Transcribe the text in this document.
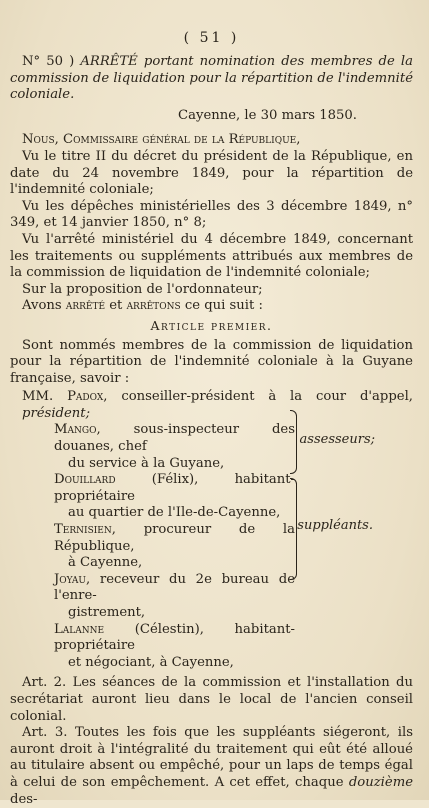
( 51 )

N° 50 ) ARRÊTÉ portant nomination des membres de la commission de liquidation pour la répartition de l'indemnité coloniale.

Cayenne, le 30 mars 1850.

Nous, Commissaire général de la République,

Vu le titre II du décret du président de la République, en date du 24 novembre 1849, pour la répartition de l'indemnité coloniale;

Vu les dépêches ministérielles des 3 décembre 1849, n° 349, et 14 janvier 1850, n° 8;

Vu l'arrêté ministériel du 4 décembre 1849, concernant les traitements ou suppléments attribués aux membres de la commission de liquidation de l'indemnité coloniale;

Sur la proposition de l'ordonnateur;

Avons arrêté et arrêtons ce qui suit :

Article premier.

Sont nommés membres de la commission de liquidation pour la répartition de l'indemnité coloniale à la Guyane française, savoir :

MM. Padox, conseiller-président à la cour d'appel, président;

Mango, sous-inspecteur des douanes, chef
du service à la Guyane,

Douillard (Félix), habitant-propriétaire
au quartier de l'Ile-de-Cayenne,

Ternisien, procureur de la République,
à Cayenne,

Joyau, receveur du 2e bureau de l'enre-
gistrement,

Lalanne (Célestin), habitant-propriétaire
et négociant, à Cayenne,

assesseurs;
suppléants.

Art. 2. Les séances de la commission et l'installation du secrétariat auront lieu dans le local de l'ancien conseil colonial.

Art. 3. Toutes les fois que les suppléants siégeront, ils auront droit à l'intégralité du traitement qui eût été alloué au titulaire absent ou empêché, pour un laps de temps égal à celui de son empêchement. A cet effet, chaque douzième des-
